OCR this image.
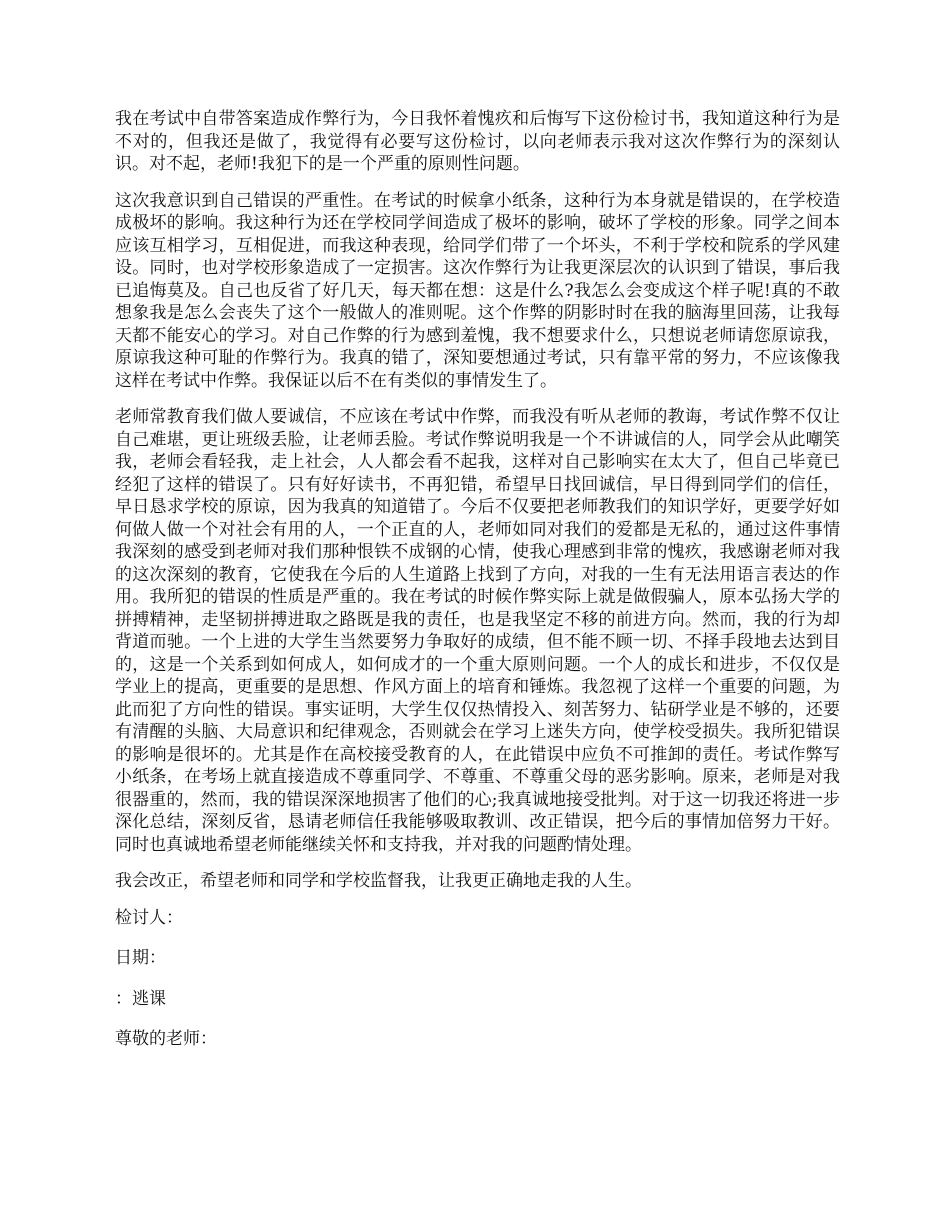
我在考试中自带答案造成作弊行为，今日我怀着愧疚和后悔写下这份检讨书，我知道这种行为是不对的，但我还是做了，我觉得有必要写这份检讨，以向老师表示我对这次作弊行为的深刻认识。对不起，老师!我犯下的是一个严重的原则性问题。

这次我意识到自己错误的严重性。在考试的时候拿小纸条，这种行为本身就是错误的，在学校造成极坏的影响。我这种行为还在学校同学间造成了极坏的影响，破坏了学校的形象。同学之间本应该互相学习，互相促进，而我这种表现，给同学们带了一个坏头，不利于学校和院系的学风建设。同时，也对学校形象造成了一定损害。这次作弊行为让我更深层次的认识到了错误，事后我已追悔莫及。自己也反省了好几天，每天都在想：这是什么?我怎么会变成这个样子呢!真的不敢想象我是怎么会丧失了这个一般做人的准则呢。这个作弊的阴影时时在我的脑海里回荡，让我每天都不能安心的学习。对自己作弊的行为感到羞愧，我不想要求什么，只想说老师请您原谅我，原谅我这种可耻的作弊行为。我真的错了，深知要想通过考试，只有靠平常的努力，不应该像我这样在考试中作弊。我保证以后不在有类似的事情发生了。

老师常教育我们做人要诚信，不应该在考试中作弊，而我没有听从老师的教诲，考试作弊不仅让自己难堪，更让班级丢脸，让老师丢脸。考试作弊说明我是一个不讲诚信的人，同学会从此嘲笑我，老师会看轻我，走上社会，人人都会看不起我，这样对自己影响实在太大了，但自己毕竟已经犯了这样的错误了。只有好好读书，不再犯错，希望早日找回诚信，早日得到同学们的信任，早日恳求学校的原谅，因为我真的知道错了。今后不仅要把老师教我们的知识学好，更要学好如何做人做一个对社会有用的人，一个正直的人，老师如同对我们的爱都是无私的，通过这件事情我深刻的感受到老师对我们那种恨铁不成钢的心情，使我心理感到非常的愧疚，我感谢老师对我的这次深刻的教育，它使我在今后的人生道路上找到了方向，对我的一生有无法用语言表达的作用。我所犯的错误的性质是严重的。我在考试的时候作弊实际上就是做假骗人，原本弘扬大学的拼搏精神，走坚韧拼搏进取之路既是我的责任，也是我坚定不移的前进方向。然而，我的行为却背道而驰。一个上进的大学生当然要努力争取好的成绩，但不能不顾一切、不择手段地去达到目的，这是一个关系到如何成人，如何成才的一个重大原则问题。一个人的成长和进步，不仅仅是学业上的提高，更重要的是思想、作风方面上的培育和锤炼。我忽视了这样一个重要的问题，为此而犯了方向性的错误。事实证明，大学生仅仅热情投入、刻苦努力、钻研学业是不够的，还要有清醒的头脑、大局意识和纪律观念，否则就会在学习上迷失方向，使学校受损失。我所犯错误的影响是很坏的。尤其是作在高校接受教育的人，在此错误中应负不可推卸的责任。考试作弊写小纸条，在考场上就直接造成不尊重同学、不尊重、不尊重父母的恶劣影响。原来，老师是对我很器重的，然而，我的错误深深地损害了他们的心;我真诚地接受批判。对于这一切我还将进一步深化总结，深刻反省，恳请老师信任我能够吸取教训、改正错误，把今后的事情加倍努力干好。同时也真诚地希望老师能继续关怀和支持我，并对我的问题酌情处理。

我会改正，希望老师和同学和学校监督我，让我更正确地走我的人生。

检讨人：

日期：

：逃课

尊敬的老师：
